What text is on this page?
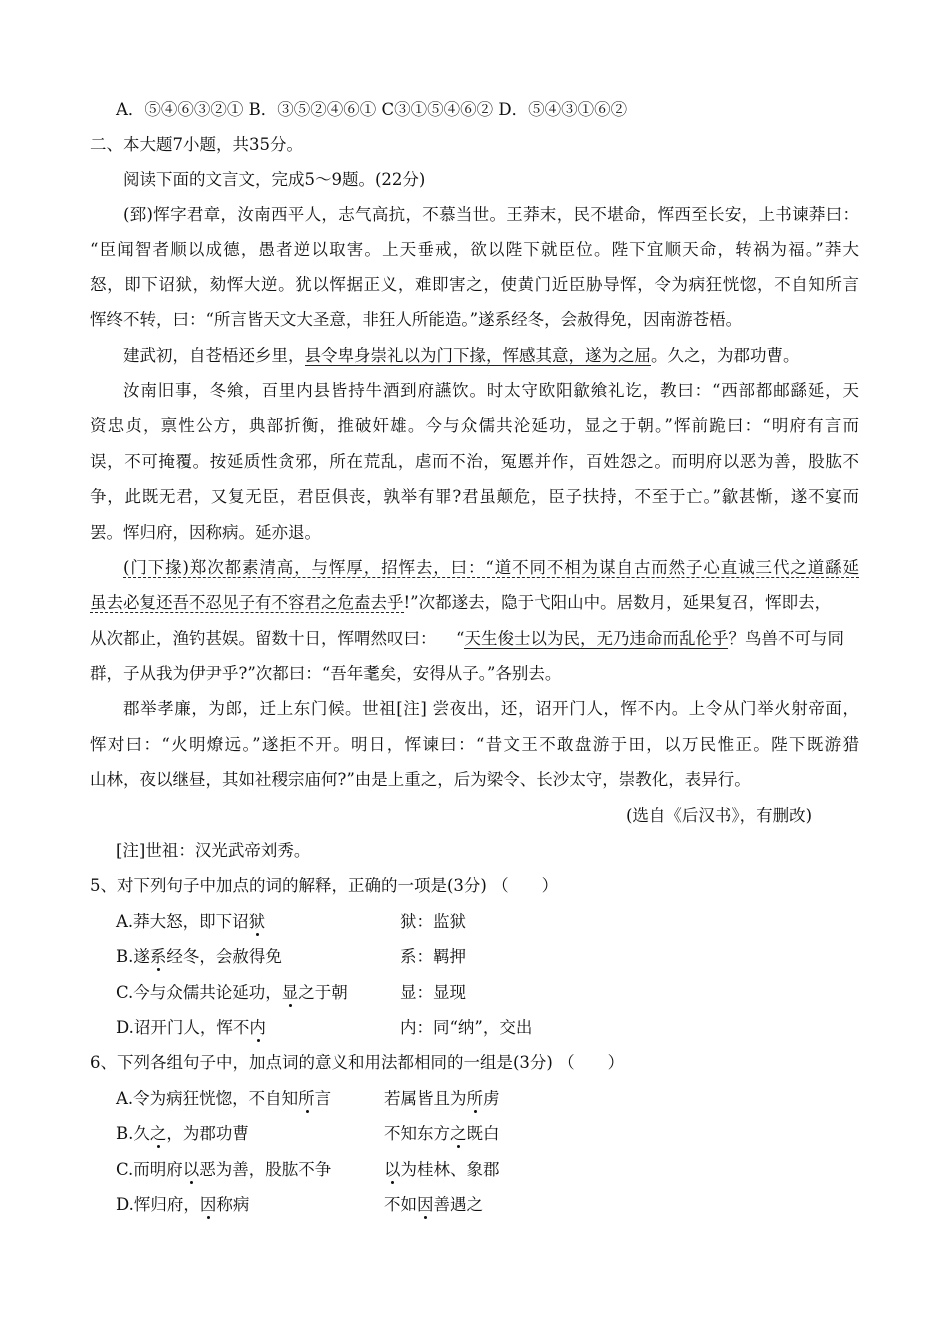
A．⑤④⑥③②① B．③⑤②④⑥① C③①⑤④⑥② D．⑤④③①⑥②
二、本大题7小题，共35分。
阅读下面的文言文，完成5～9题。(22分)
(郅)恽字君章，汝南西平人，志气高抗，不慕当世。王莽末，民不堪命，恽西至长安，上书谏莽曰：
“臣闻智者顺以成德，愚者逆以取害。上天垂戒，欲以陛下就臣位。陛下宜顺天命，转祸为福。”莽大
怒，即下诏狱，劾恽大逆。犹以恽据正义，难即害之，使黄门近臣胁导恽，令为病狂恍惚，不自知所言
恽终不转，曰：“所言皆天文大圣意，非狂人所能造。”遂系经冬，会赦得免，因南游苍梧。
建武初，自苍梧还乡里，县令卑身崇礼以为门下掾，恽感其意，遂为之屈。久之，为郡功曹。
汝南旧事，冬飨，百里内县皆持牛酒到府讌饮。时太守欧阳歙飨礼讫，教曰：“西部都邮繇延，天
资忠贞，禀性公方，典部折衡，推破奸雄。今与众儒共沦延功，显之于朝。”恽前跪曰：“明府有言而
误，不可掩覆。按延质性贪邪，所在荒乱，虐而不治，冤慝并作，百姓怨之。而明府以恶为善，股肱不
争，此既无君，又复无臣，君臣俱丧，孰举有罪?君虽颠危，臣子扶持，不至于亡。”歙甚惭，遂不宴而
罢。恽归府，因称病。延亦退。
(门下掾)郑次都素清高，与恽厚，招恽去，曰：“道不同不相为谋自古而然子心直诚三代之道繇延
虽去必复还吾不忍见子有不容君之危盍去乎!”次都遂去，隐于弋阳山中。居数月，延果复召，恽即去，
从次都止，渔钓甚娱。留数十日，恽喟然叹曰： “天生俊士以为民，无乃违命而乱伦乎？鸟兽不可与同
群，子从我为伊尹乎?”次都曰：“吾年耄矣，安得从子。”各别去。
郡举孝廉，为郎，迁上东门候。世祖[注] 尝夜出，还，诏开门人，恽不内。上令从门举火射帝面，
恽对曰：“火明燎远。”遂拒不开。明日，恽谏曰：“昔文王不敢盘游于田，以万民惟正。陛下既游猎
山林，夜以继昼，其如社稷宗庙何?”由是上重之，后为梁令、长沙太守，崇教化，表异行。
(选自《后汉书》，有删改)
[注]世祖：汉光武帝刘秀。
5、对下列句子中加点的词的解释，正确的一项是(3分) （　　）
A.莽大怒，即下诏狱	狱：监狱
B.遂系经冬，会赦得免	系：羁押
C.今与众儒共论延功，显之于朝	显：显现
D.诏开门人，恽不内	内：同“纳”，交出
6、下列各组句子中，加点词的意义和用法都相同的一组是(3分) （　　）
A.令为病狂恍惚，不自知所言	若属皆且为所虏
B.久之，为郡功曹	不知东方之既白
C.而明府以恶为善，股肱不争	以为桂林、象郡
D.恽归府，因称病	不如因善遇之
